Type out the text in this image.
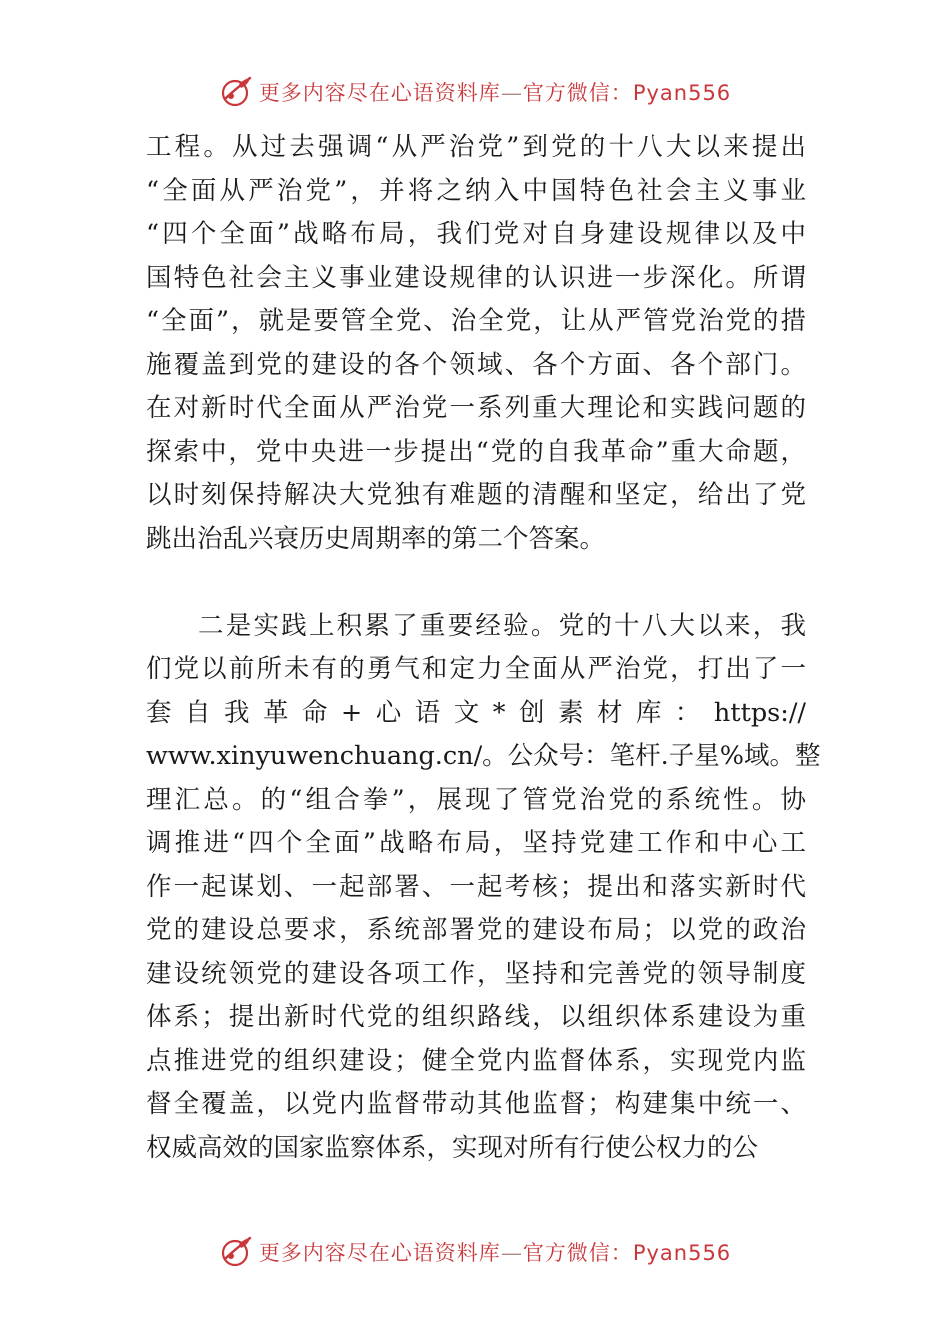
更多内容尽在心语资料库—官方微信：Pyan556
工程。从过去强调“从严治党”到党的十八大以来提出
“全面从严治党”，并将之纳入中国特色社会主义事业
“四个全面”战略布局，我们党对自身建设规律以及中
国特色社会主义事业建设规律的认识进一步深化。所谓
“全面”，就是要管全党、治全党，让从严管党治党的措
施覆盖到党的建设的各个领域、各个方面、各个部门。
在对新时代全面从严治党一系列重大理论和实践问题的
探索中，党中央进一步提出“党的自我革命”重大命题，
以时刻保持解决大党独有难题的清醒和坚定，给出了党
跳出治乱兴衰历史周期率的第二个答案。
二是实践上积累了重要经验。党的十八大以来，我
们党以前所未有的勇气和定力全面从严治党，打出了一
套自我革命+心语文*创素材库：https://
www.xinyuwenchuang.cn/。公众号：笔杆.子星%域。整
理汇总。的“组合拳”，展现了管党治党的系统性。协
调推进“四个全面”战略布局，坚持党建工作和中心工
作一起谋划、一起部署、一起考核；提出和落实新时代
党的建设总要求，系统部署党的建设布局；以党的政治
建设统领党的建设各项工作，坚持和完善党的领导制度
体系；提出新时代党的组织路线，以组织体系建设为重
点推进党的组织建设；健全党内监督体系，实现党内监
督全覆盖，以党内监督带动其他监督；构建集中统一、
权威高效的国家监察体系，实现对所有行使公权力的公
更多内容尽在心语资料库—官方微信：Pyan556
